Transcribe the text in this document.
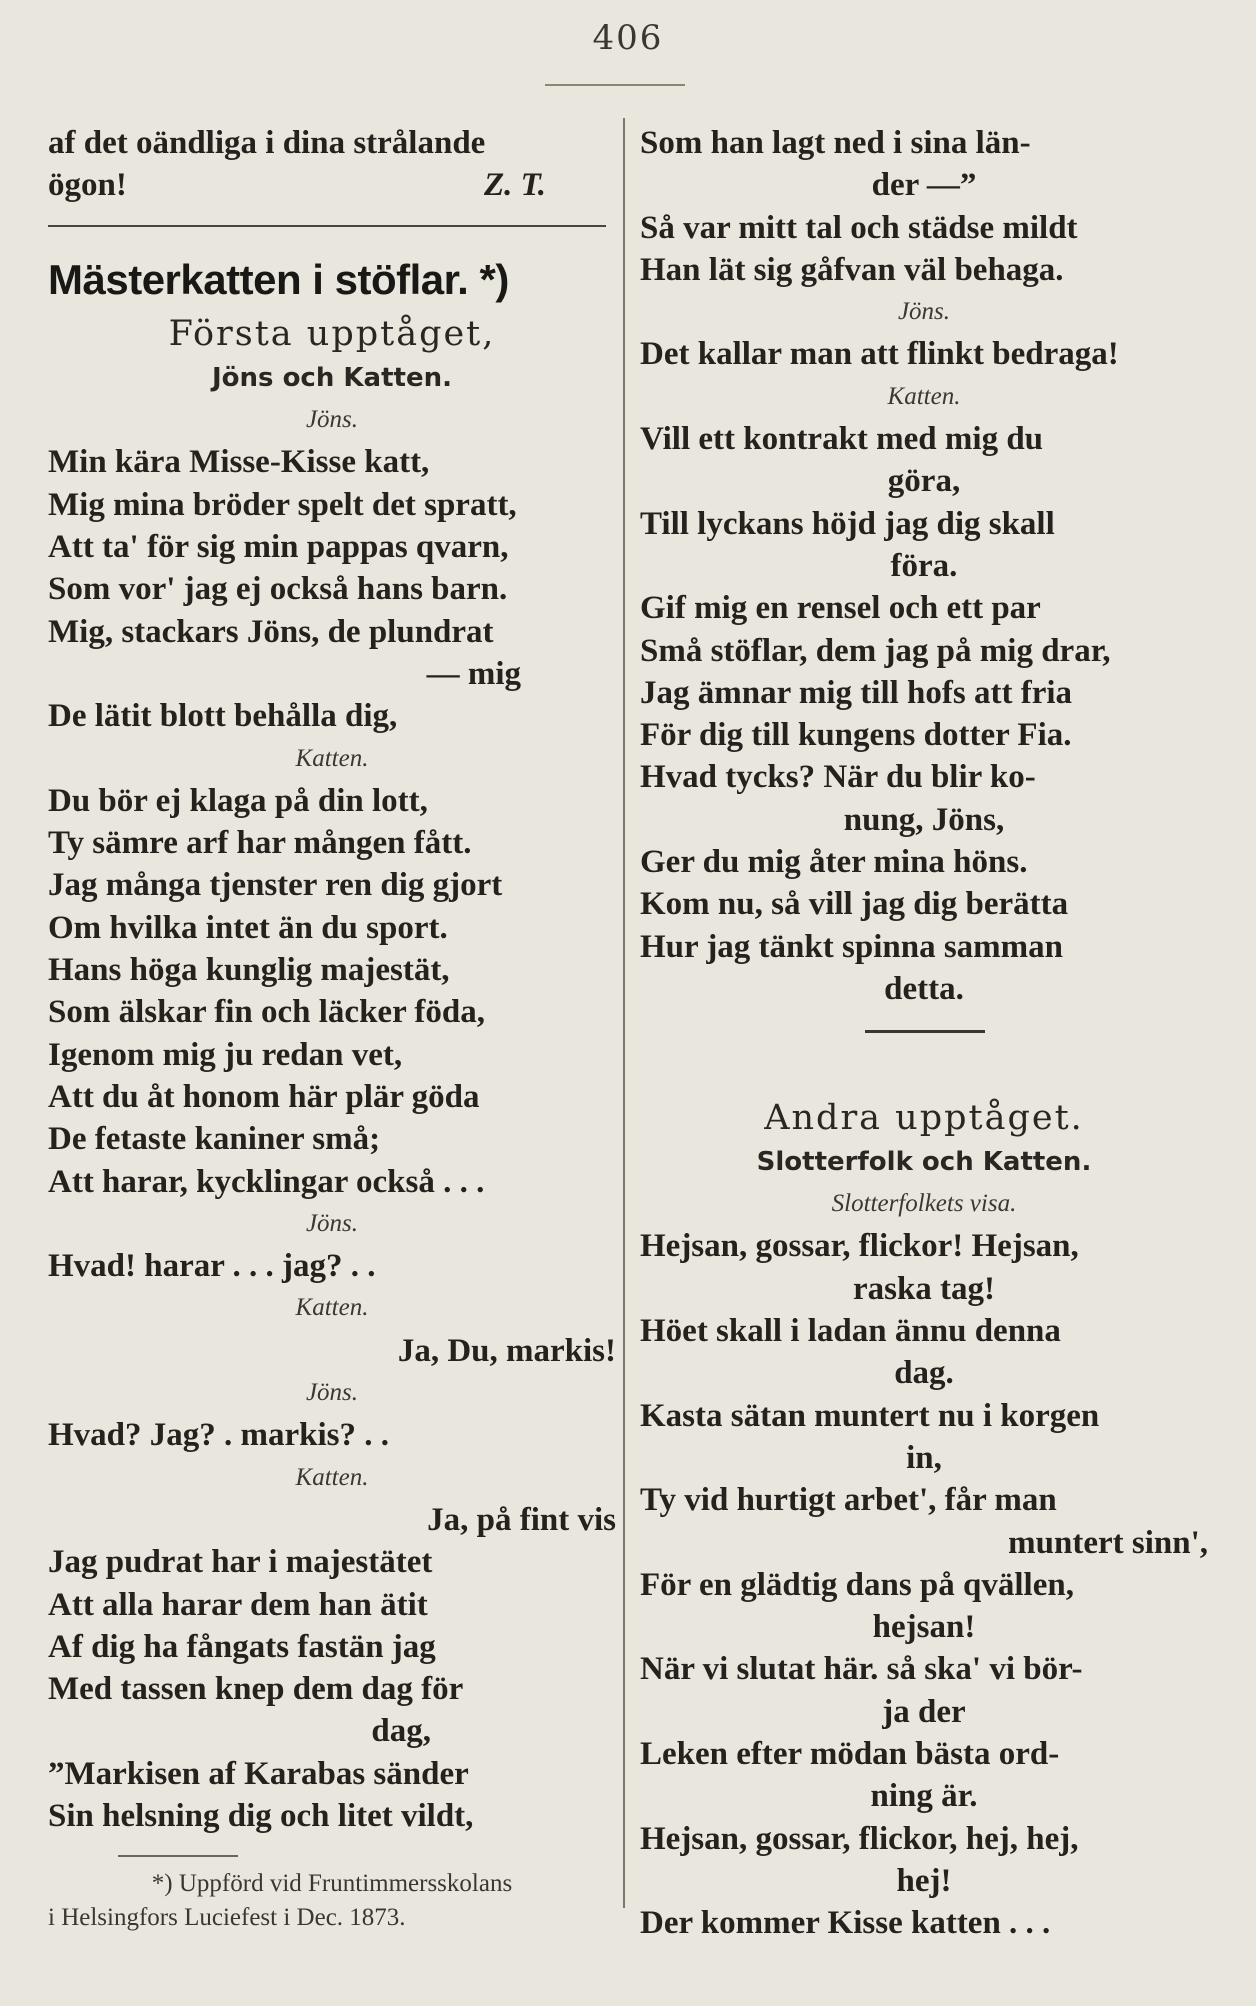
406
af det oändliga i dina strålande
ögon!	Z. T.
Mästerkatten i stöflar. *)
Första upptåget,
Jöns och Katten.
Jöns.
Min kära Misse-Kisse katt,
Mig mina bröder spelt det spratt,
Att ta' för sig min pappas qvarn,
Som vor' jag ej också hans barn.
Mig, stackars Jöns, de plundrat
— mig
De lätit blott behålla dig,
Katten.
Du bör ej klaga på din lott,
Ty sämre arf har mången fått.
Jag många tjenster ren dig gjort
Om hvilka intet än du sport.
Hans höga kunglig majestät,
Som älskar fin och läcker föda,
Igenom mig ju redan vet,
Att du åt honom här plär göda
De fetaste kaniner små;
Att harar, kycklingar också . . .
Jöns.
Hvad! harar . . . jag? . .
Katten.
Ja, Du, markis!
Jöns.
Hvad? Jag? . markis? . .
Katten.
Ja, på fint vis
Jag pudrat har i majestätet
Att alla harar dem han ätit
Af dig ha fångats fastän jag
Med tassen knep dem dag för
dag,
”Markisen af Karabas sänder
Sin helsning dig och litet vildt,
*) Uppförd vid Fruntimmersskolans
i Helsingfors Luciefest i Dec. 1873.
Som han lagt ned i sina län-
der —”
Så var mitt tal och städse mildt
Han lät sig gåfvan väl behaga.
Jöns.
Det kallar man att flinkt bedraga!
Katten.
Vill ett kontrakt med mig du
göra,
Till lyckans höjd jag dig skall
föra.
Gif mig en rensel och ett par
Små stöflar, dem jag på mig drar,
Jag ämnar mig till hofs att fria
För dig till kungens dotter Fia.
Hvad tycks? När du blir ko-
nung, Jöns,
Ger du mig åter mina höns.
Kom nu, så vill jag dig berätta
Hur jag tänkt spinna samman
detta.
Andra upptåget.
Slotterfolk och Katten.
Slotterfolkets visa.
Hejsan, gossar, flickor! Hejsan,
raska tag!
Höet skall i ladan ännu denna
dag.
Kasta sätan muntert nu i korgen
in,
Ty vid hurtigt arbet', får man
muntert sinn',
För en glädtig dans på qvällen,
hejsan!
När vi slutat här. så ska' vi bör-
ja der
Leken efter mödan bästa ord-
ning är.
Hejsan, gossar, flickor, hej, hej,
hej!
Der kommer Kisse katten . . .
